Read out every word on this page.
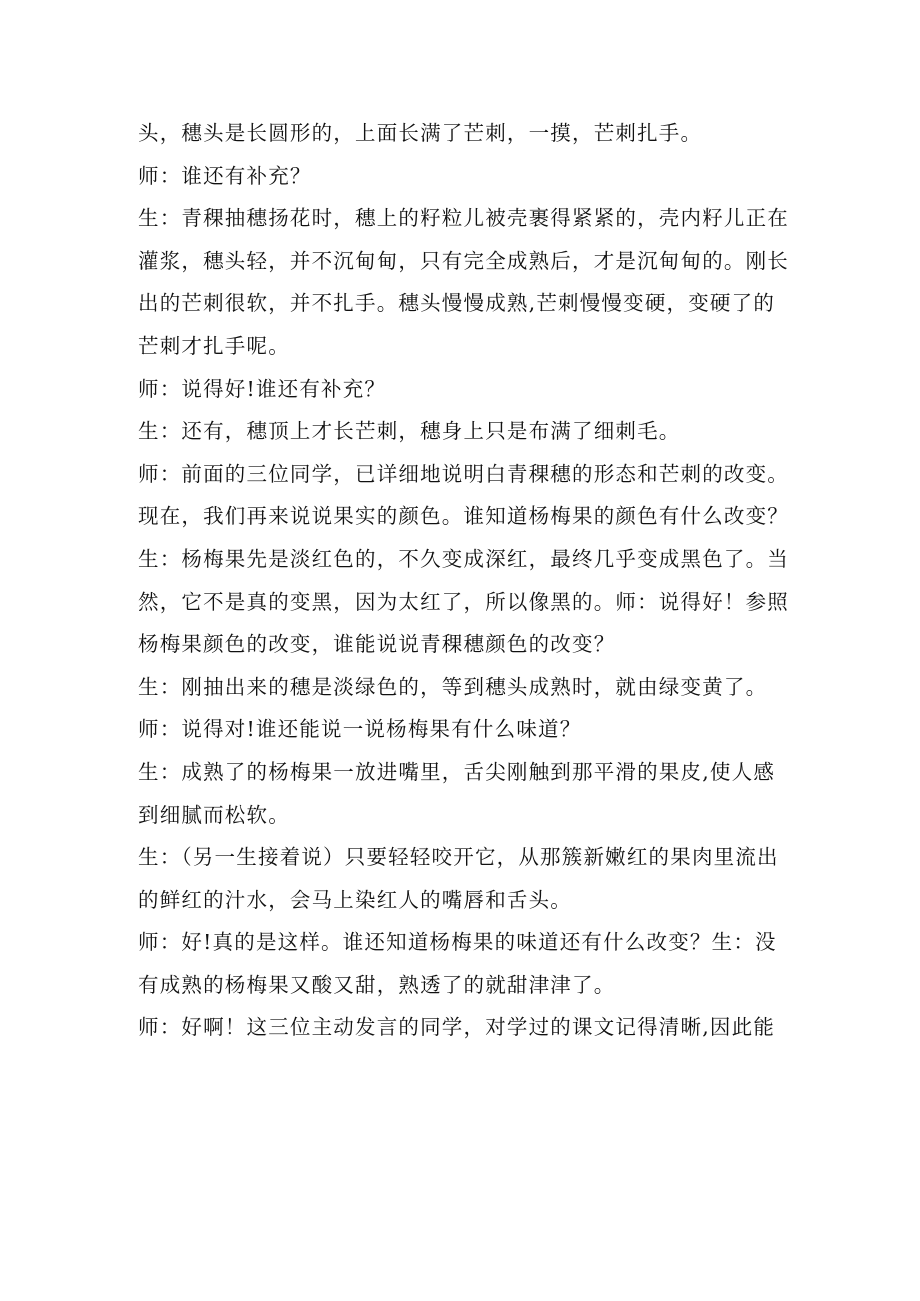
头，穗头是长圆形的，上面长满了芒刺，一摸，芒刺扎手。
师：谁还有补充？
生：青稞抽穗扬花时，穗上的籽粒儿被壳裹得紧紧的，壳内籽儿正在
灌浆，穗头轻，并不沉甸甸，只有完全成熟后，才是沉甸甸的。刚长
出的芒刺很软，并不扎手。穗头慢慢成熟,芒刺慢慢变硬，变硬了的
芒刺才扎手呢。
师：说得好!谁还有补充？
生：还有，穗顶上才长芒刺，穗身上只是布满了细刺毛。
师：前面的三位同学，已详细地说明白青稞穗的形态和芒刺的改变。
现在，我们再来说说果实的颜色。谁知道杨梅果的颜色有什么改变？
生：杨梅果先是淡红色的，不久变成深红，最终几乎变成黑色了。当
然，它不是真的变黑，因为太红了，所以像黑的。师：说得好！参照
杨梅果颜色的改变，谁能说说青稞穗颜色的改变？
生：刚抽出来的穗是淡绿色的，等到穗头成熟时，就由绿变黄了。
师：说得对!谁还能说一说杨梅果有什么味道？
生：成熟了的杨梅果一放进嘴里，舌尖刚触到那平滑的果皮,使人感
到细腻而松软。
生：（另一生接着说）只要轻轻咬开它，从那簇新嫩红的果肉里流出
的鲜红的汁水，会马上染红人的嘴唇和舌头。
师：好!真的是这样。谁还知道杨梅果的味道还有什么改变？生：没
有成熟的杨梅果又酸又甜，熟透了的就甜津津了。
师：好啊！这三位主动发言的同学，对学过的课文记得清晰,因此能
